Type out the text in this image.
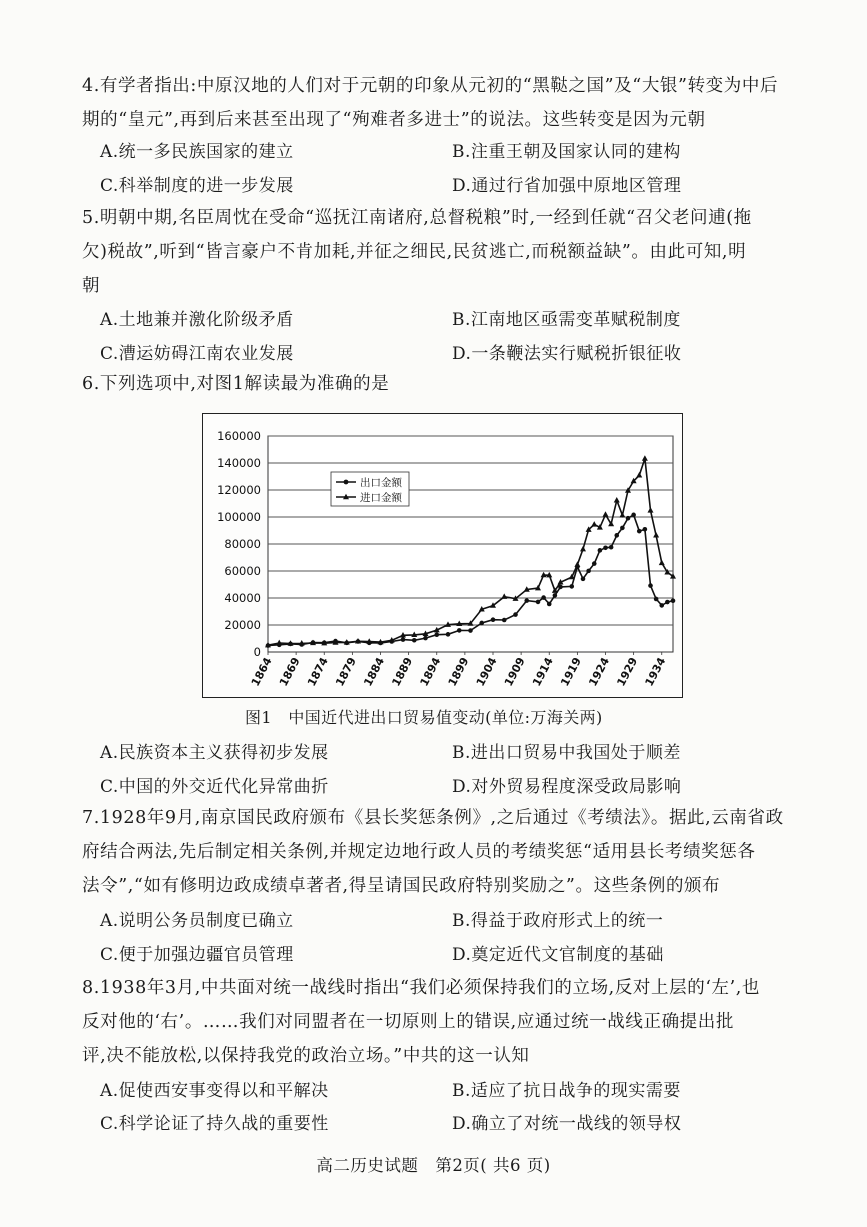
4.有学者指出:中原汉地的人们对于元朝的印象从元初的“黑鞑之国”及“大银”转变为中后
期的“皇元”,再到后来甚至出现了“殉难者多进士”的说法。这些转变是因为元朝
A.统一多民族国家的建立	B.注重王朝及国家认同的建构
C.科举制度的进一步发展	D.通过行省加强中原地区管理
5.明朝中期,名臣周忱在受命“巡抚江南诸府,总督税粮”时,一经到任就“召父老问逋(拖
欠)税故”,听到“皆言豪户不肯加耗,并征之细民,民贫逃亡,而税额益缺”。由此可知,明
朝
A.土地兼并激化阶级矛盾	B.江南地区亟需变革赋税制度
C.漕运妨碍江南农业发展	D.一条鞭法实行赋税折银征收
6.下列选项中,对图1解读最为准确的是
160000
140000
120000
100000
80000
60000
40000
20000
0
1864 1869 1874 1879 1884 1889 1894 1899 1904 1909 1914 1919 1924 1929 1934
出口金额
进口金额
图1　中国近代进出口贸易值变动(单位:万海关两)
A.民族资本主义获得初步发展	B.进出口贸易中我国处于顺差
C.中国的外交近代化异常曲折	D.对外贸易程度深受政局影响
7.1928年9月,南京国民政府颁布《县长奖惩条例》,之后通过《考绩法》。据此,云南省政
府结合两法,先后制定相关条例,并规定边地行政人员的考绩奖惩“适用县长考绩奖惩各
法令”,“如有修明边政成绩卓著者,得呈请国民政府特别奖励之”。这些条例的颁布
A.说明公务员制度已确立	B.得益于政府形式上的统一
C.便于加强边疆官员管理	D.奠定近代文官制度的基础
8.1938年3月,中共面对统一战线时指出“我们必须保持我们的立场,反对上层的‘左’,也
反对他的‘右’。……我们对同盟者在一切原则上的错误,应通过统一战线正确提出批
评,决不能放松,以保持我党的政治立场。”中共的这一认知
A.促使西安事变得以和平解决	B.适应了抗日战争的现实需要
C.科学论证了持久战的重要性	D.确立了对统一战线的领导权
高二历史试题　第2页( 共6 页)
